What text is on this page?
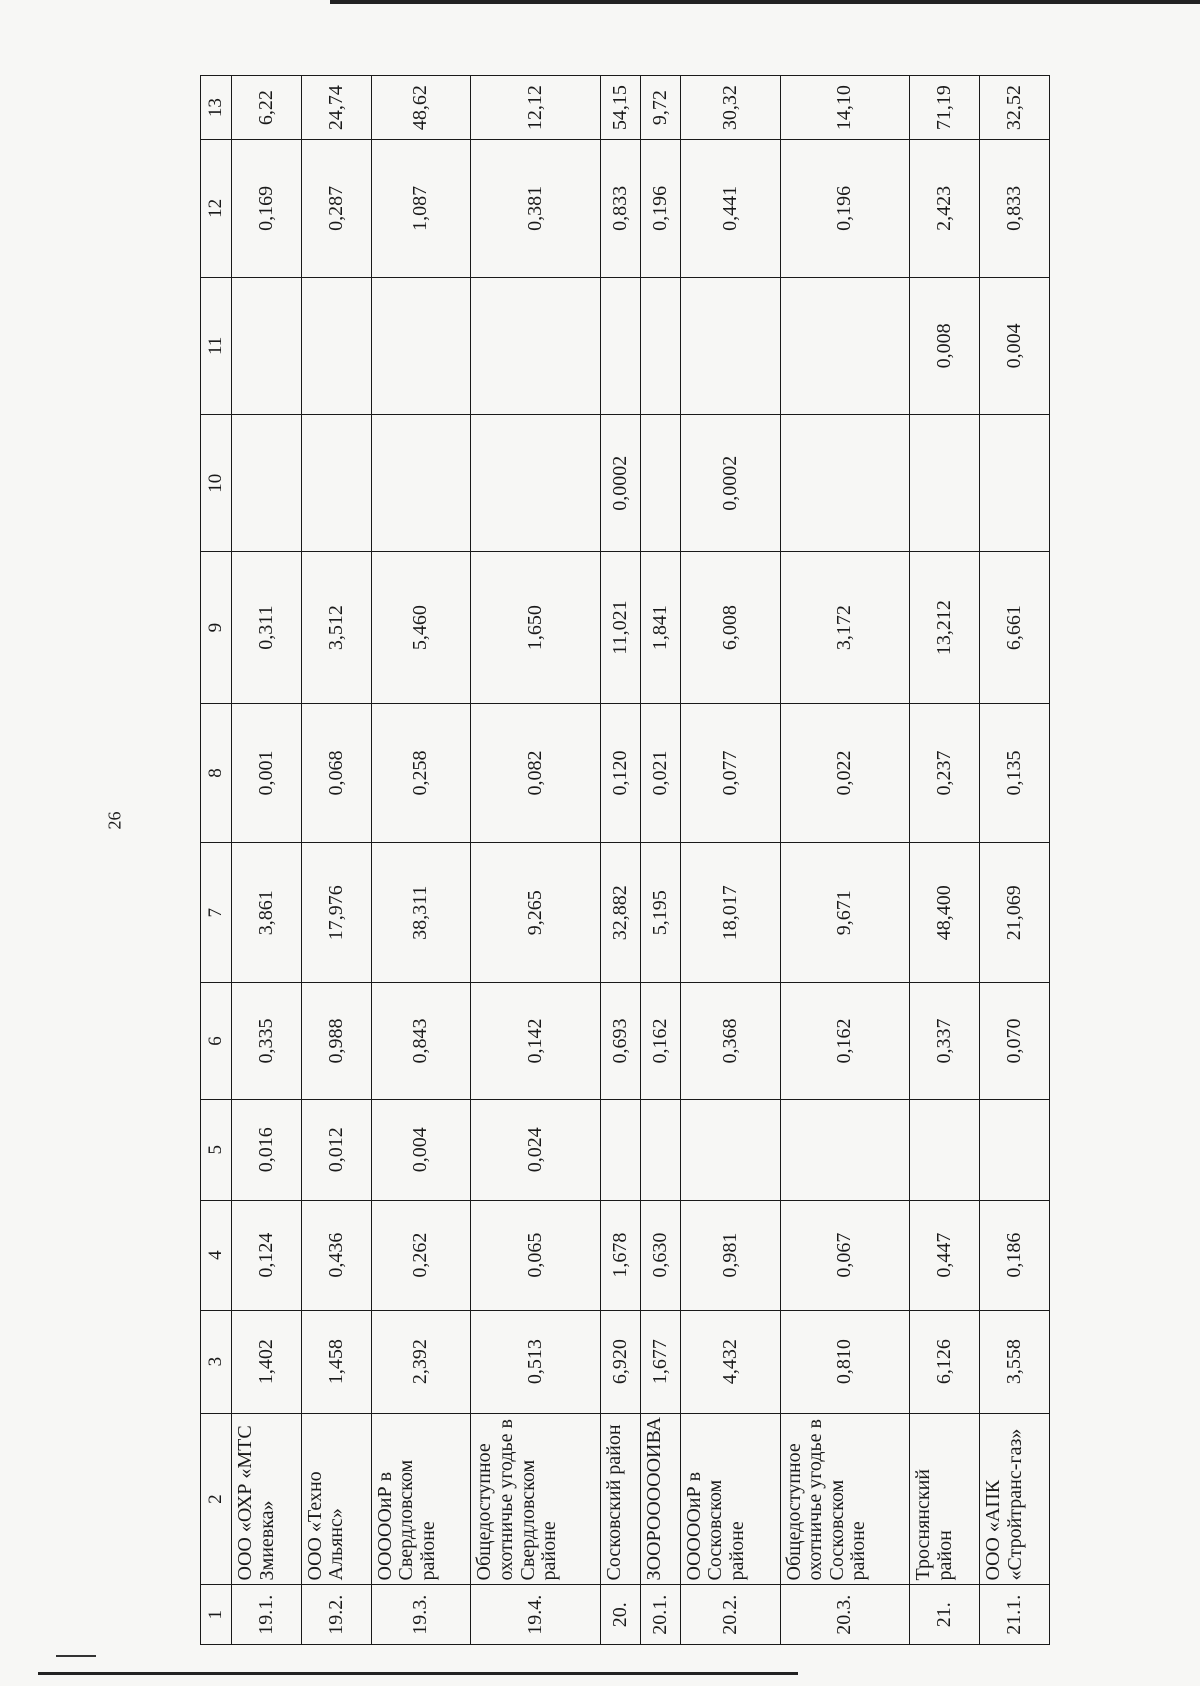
26
1	2	3	4	5	6	7	8	9	10	11	12	13
19.1.	ООО «ОХР «МТС Змиевка»	1,402	0,124	0,016	0,335	3,861	0,001	0,311			0,169	6,22
19.2.	ООО «Техно Альянс»	1,458	0,436	0,012	0,988	17,976	0,068	3,512			0,287	24,74
19.3.	ОООООиР в Свердловском районе	2,392	0,262	0,004	0,843	38,311	0,258	5,460			1,087	48,62
19.4.	Общедоступное охотничье угодье в Свердловском районе	0,513	0,065	0,024	0,142	9,265	0,082	1,650			0,381	12,12
20.	Сосковский район	6,920	1,678		0,693	32,882	0,120	11,021	0,0002		0,833	54,15
20.1.	ЗООРОООООИВА	1,677	0,630		0,162	5,195	0,021	1,841			0,196	9,72
20.2.	ОООООиР в Сосковском районе	4,432	0,981		0,368	18,017	0,077	6,008	0,0002		0,441	30,32
20.3.	Общедоступное охотничье угодье в Сосковском районе	0,810	0,067		0,162	9,671	0,022	3,172			0,196	14,10
21.	Троснянский район	6,126	0,447		0,337	48,400	0,237	13,212		0,008	2,423	71,19
21.1.	ООО «АПК «Стройтранс-газ»	3,558	0,186		0,070	21,069	0,135	6,661		0,004	0,833	32,52
